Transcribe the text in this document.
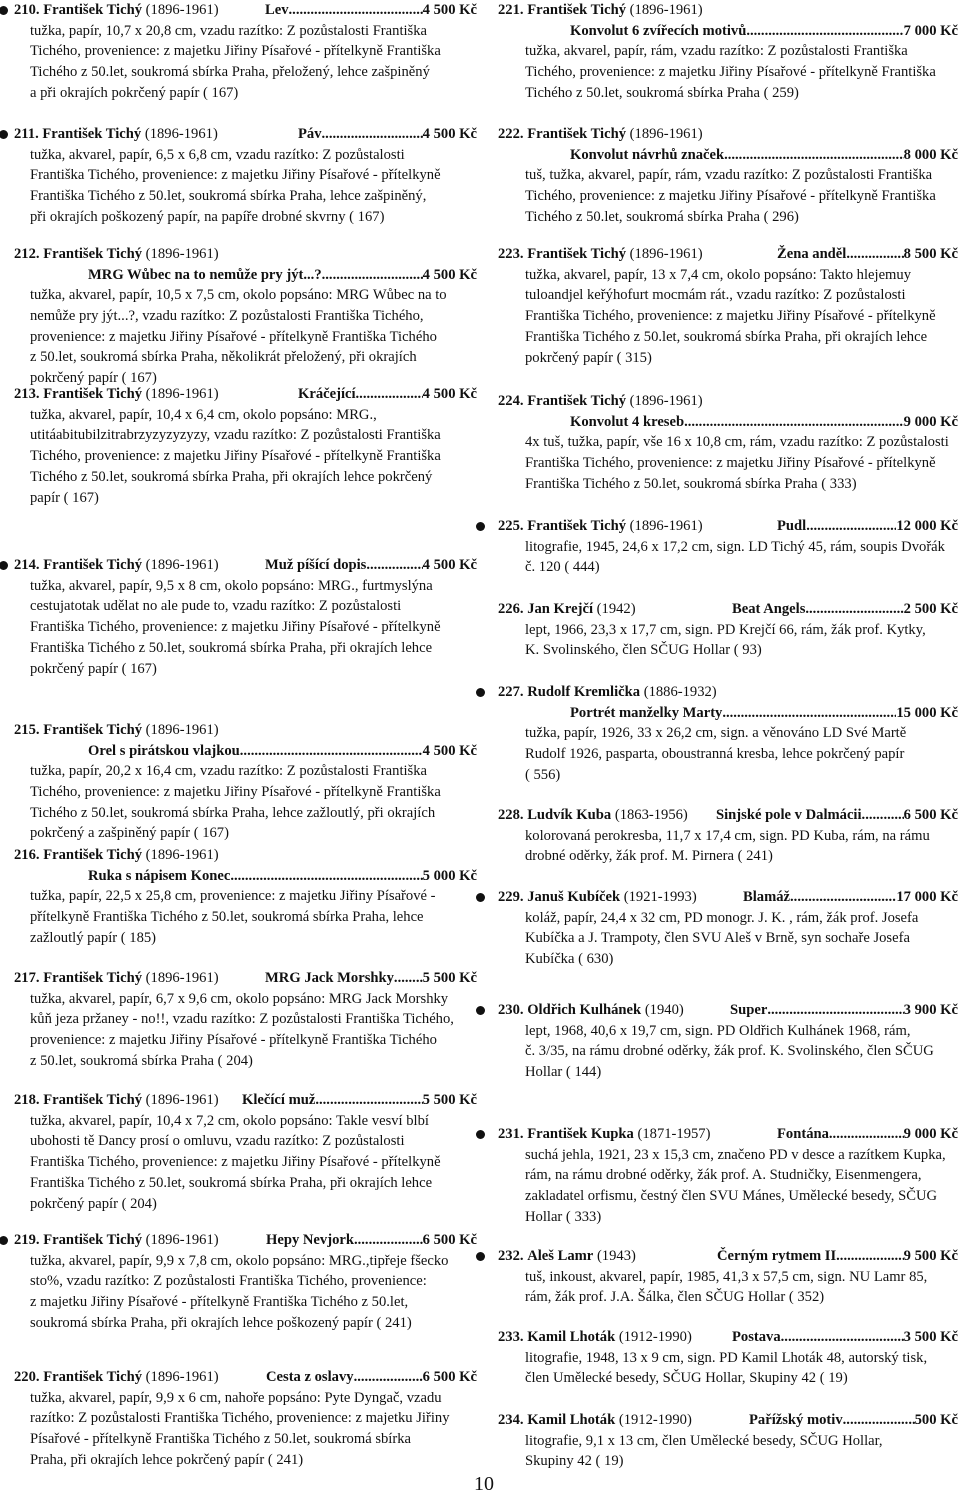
210. František Tichý (1896-1961)	Lev .....	4 500 Kč
tužka, papír, 10,7 x 20,8 cm, vzadu razítko: Z pozůstalosti Františka
Tichého, provenience: z majetku Jiřiny Písařové - přítelkyně Františka
Tichého z 50.let, soukromá sbírka Praha, přeložený, lehce zašpiněný
a při okrajích pokrčený papír ( 167)
211. František Tichý (1896-1961)	Páv .....	4 500 Kč
tužka, akvarel, papír, 6,5 x 6,8 cm, vzadu razítko: Z pozůstalosti
Františka Tichého, provenience: z majetku Jiřiny Písařové - přítelkyně
Františka Tichého z 50.let, soukromá sbírka Praha, lehce zašpiněný,
při okrajích poškozený papír, na papíře drobné skvrny ( 167)
212. František Tichý (1896-1961)
MRG Wůbec na to nemůže pry jýt...? .....	4 500 Kč
tužka, akvarel, papír, 10,5 x 7,5 cm, okolo popsáno: MRG Wůbec na to
nemůže pry jýt...?, vzadu razítko: Z pozůstalosti Františka Tichého,
provenience: z majetku Jiřiny Písařové - přítelkyně Františka Tichého
z 50.let, soukromá sbírka Praha, několikrát přeložený, při okrajích
pokrčený papír ( 167)
213. František Tichý (1896-1961)	Kráčející .....	4 500 Kč
tužka, akvarel, papír, 10,4 x 6,4 cm, okolo popsáno: MRG.,
utitáabitubilzitrabrzyzyzyzyzy, vzadu razítko: Z pozůstalosti Františka
Tichého, provenience: z majetku Jiřiny Písařové - přítelkyně Františka
Tichého z 50.let, soukromá sbírka Praha, při okrajích lehce pokrčený
papír ( 167)
214. František Tichý (1896-1961)	Muž píšící dopis .....	4 500 Kč
tužka, akvarel, papír, 9,5 x 8 cm, okolo popsáno: MRG., furtmyslýna
cestujatotak udělat no ale pude to, vzadu razítko: Z pozůstalosti
Františka Tichého, provenience: z majetku Jiřiny Písařové - přítelkyně
Františka Tichého z 50.let, soukromá sbírka Praha, při okrajích lehce
pokrčený papír ( 167)
215. František Tichý (1896-1961)
Orel s pirátskou vlajkou .....	4 500 Kč
tužka, papír, 20,2 x 16,4 cm, vzadu razítko: Z pozůstalosti Františka
Tichého, provenience: z majetku Jiřiny Písařové - přítelkyně Františka
Tichého z 50.let, soukromá sbírka Praha, lehce zažloutlý, při okrajích
pokrčený a zašpiněný papír ( 167)
216. František Tichý (1896-1961)
Ruka s nápisem Konec .....	5 000 Kč
tužka, papír, 22,5 x 25,8 cm, provenience: z majetku Jiřiny Písařové -
přítelkyně Františka Tichého z 50.let, soukromá sbírka Praha, lehce
zažloutlý papír ( 185)
217. František Tichý (1896-1961)	MRG Jack Morshky ..... 5 500 Kč
tužka, akvarel, papír, 6,7 x 9,6 cm, okolo popsáno: MRG Jack Morshky
kůň jeza pržaney - no!!, vzadu razítko: Z pozůstalosti Františka Tichého,
provenience: z majetku Jiřiny Písařové - přítelkyně Františka Tichého
z 50.let, soukromá sbírka Praha ( 204)
218. František Tichý (1896-1961) Klečící muž .....	5 500 Kč
tužka, akvarel, papír, 10,4 x 7,2 cm, okolo popsáno: Takle vesví blbí
ubohosti tě Dancy prosí o omluvu, vzadu razítko: Z pozůstalosti
Františka Tichého, provenience: z majetku Jiřiny Písařové - přítelkyně
Františka Tichého z 50.let, soukromá sbírka Praha, při okrajích lehce
pokrčený papír ( 204)
219. František Tichý (1896-1961)	Hepy Nevjork .....	6 500 Kč
tužka, akvarel, papír, 9,9 x 7,8 cm, okolo popsáno: MRG.,tipřeje fšecko
sto%, vzadu razítko: Z pozůstalosti Františka Tichého, provenience:
z majetku Jiřiny Písařové - přítelkyně Františka Tichého z 50.let,
soukromá sbírka Praha, při okrajích lehce poškozený papír ( 241)
220. František Tichý (1896-1961)	Cesta z oslavy .....	6 500 Kč
tužka, akvarel, papír, 9,9 x 6 cm, nahoře popsáno: Pyte Dyngač, vzadu
razítko: Z pozůstalosti Františka Tichého, provenience: z majetku Jiřiny
Písařové - přítelkyně Františka Tichého z 50.let, soukromá sbírka
Praha, při okrajích lehce pokrčený papír ( 241)
221. František Tichý (1896-1961)
Konvolut 6 zvířecích motivů .....	7 000 Kč
tužka, akvarel, papír, rám, vzadu razítko: Z pozůstalosti Františka
Tichého, provenience: z majetku Jiřiny Písařové - přítelkyně Františka
Tichého z 50.let, soukromá sbírka Praha ( 259)
222. František Tichý (1896-1961)
Konvolut návrhů značek .....	8 000 Kč
tuš, tužka, akvarel, papír, rám, vzadu razítko: Z pozůstalosti Františka
Tichého, provenience: z majetku Jiřiny Písařové - přítelkyně Františka
Tichého z 50.let, soukromá sbírka Praha ( 296)
223. František Tichý (1896-1961)	Žena anděl .....	8 500 Kč
tužka, akvarel, papír, 13 x 7,4 cm, okolo popsáno: Takto hlejemuy
tuloandjel keřýhofurt mocmám rát., vzadu razítko: Z pozůstalosti
Františka Tichého, provenience: z majetku Jiřiny Písařové - přítelkyně
Františka Tichého z 50.let, soukromá sbírka Praha, při okrajích lehce
pokrčený papír ( 315)
224. František Tichý (1896-1961)
Konvolut 4 kreseb .....	9 000 Kč
4x tuš, tužka, papír, vše 16 x 10,8 cm, rám, vzadu razítko: Z pozůstalosti
Františka Tichého, provenience: z majetku Jiřiny Písařové - přítelkyně
Františka Tichého z 50.let, soukromá sbírka Praha ( 333)
225. František Tichý (1896-1961)	Pudl .....	12 000 Kč
litografie, 1945, 24,6 x 17,2 cm, sign. LD Tichý 45, rám, soupis Dvořák
č. 120 ( 444)
226. Jan Krejčí (1942)	Beat Angels .....	2 500 Kč
lept, 1966, 23,3 x 17,7 cm, sign. PD Krejčí 66, rám, žák prof. Kytky,
K. Svolinského, člen SČUG Hollar ( 93)
227. Rudolf Kremlička (1886-1932)
Portrét manželky Marty .....	15 000 Kč
tužka, papír, 1926, 33 x 26,2 cm, sign. a věnováno LD Své Martě
Rudolf 1926, pasparta, oboustranná kresba, lehce pokrčený papír
( 556)
228. Ludvík Kuba (1863-1956) Sinjské pole v Dalmácii .....	6 500 Kč
kolorovaná perokresba, 11,7 x 17,4 cm, sign. PD Kuba, rám, na rámu
drobné oděrky, žák prof. M. Pirnera ( 241)
229. Januš Kubíček (1921-1993)	Blamáž .....	17 000 Kč
koláž, papír, 24,4 x 32 cm, PD monogr. J. K. , rám, žák prof. Josefa
Kubíčka a J. Trampoty, člen SVU Aleš v Brně, syn sochaře Josefa
Kubíčka ( 630)
230. Oldřich Kulhánek (1940)	Super .....	3 900 Kč
lept, 1968, 40,6 x 19,7 cm, sign. PD Oldřich Kulhánek 1968, rám,
č. 3/35, na rámu drobné oděrky, žák prof. K. Svolinského, člen SČUG
Hollar ( 144)
231. František Kupka (1871-1957)	Fontána .....	9 000 Kč
suchá jehla, 1921, 23 x 15,3 cm, značeno PD v desce a razítkem Kupka,
rám, na rámu drobné oděrky, žák prof. A. Studničky, Eisenmengera,
zakladatel orfismu, čestný člen SVU Mánes, Umělecké besedy, SČUG
Hollar ( 333)
232. Aleš Lamr (1943)	Černým rytmem II .....	9 500 Kč
tuš, inkoust, akvarel, papír, 1985, 41,3 x 57,5 cm, sign. NU Lamr 85,
rám, žák prof. J.A. Šálka, člen SČUG Hollar ( 352)
233. Kamil Lhoták (1912-1990)	Postava .....	3 500 Kč
litografie, 1948, 13 x 9 cm, sign. PD Kamil Lhoták 48, autorský tisk,
člen Umělecké besedy, SČUG Hollar, Skupiny 42 ( 19)
234. Kamil Lhoták (1912-1990)	Pařížský motiv .....	500 Kč
litografie, 9,1 x 13 cm, člen Umělecké besedy, SČUG Hollar,
Skupiny 42 ( 19)
10
